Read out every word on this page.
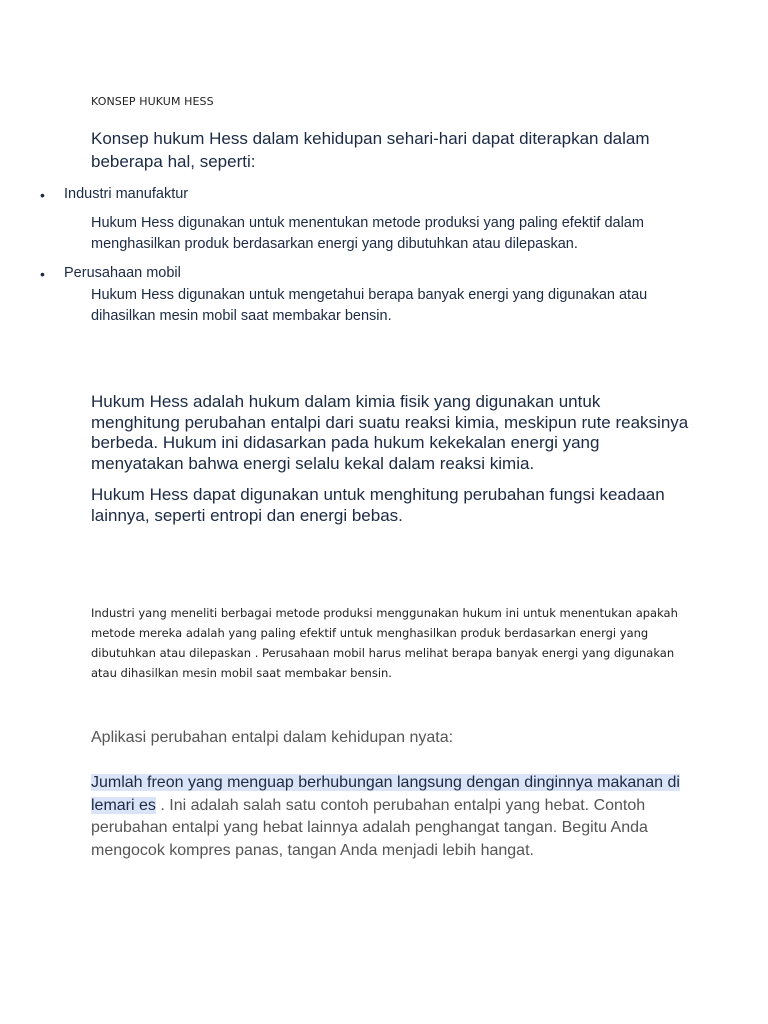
KONSEP HUKUM HESS

Konsep hukum Hess dalam kehidupan sehari-hari dapat diterapkan dalam beberapa hal, seperti:

• Industri manufaktur

Hukum Hess digunakan untuk menentukan metode produksi yang paling efektif dalam menghasilkan produk berdasarkan energi yang dibutuhkan atau dilepaskan.

• Perusahaan mobil

Hukum Hess digunakan untuk mengetahui berapa banyak energi yang digunakan atau dihasilkan mesin mobil saat membakar bensin.

Hukum Hess adalah hukum dalam kimia fisik yang digunakan untuk menghitung perubahan entalpi dari suatu reaksi kimia, meskipun rute reaksinya berbeda. Hukum ini didasarkan pada hukum kekekalan energi yang menyatakan bahwa energi selalu kekal dalam reaksi kimia.

Hukum Hess dapat digunakan untuk menghitung perubahan fungsi keadaan lainnya, seperti entropi dan energi bebas.

Industri yang meneliti berbagai metode produksi menggunakan hukum ini untuk menentukan apakah metode mereka adalah yang paling efektif untuk menghasilkan produk berdasarkan energi yang dibutuhkan atau dilepaskan . Perusahaan mobil harus melihat berapa banyak energi yang digunakan atau dihasilkan mesin mobil saat membakar bensin.

Aplikasi perubahan entalpi dalam kehidupan nyata:

Jumlah freon yang menguap berhubungan langsung dengan dinginnya makanan di lemari es . Ini adalah salah satu contoh perubahan entalpi yang hebat. Contoh perubahan entalpi yang hebat lainnya adalah penghangat tangan. Begitu Anda mengocok kompres panas, tangan Anda menjadi lebih hangat.
